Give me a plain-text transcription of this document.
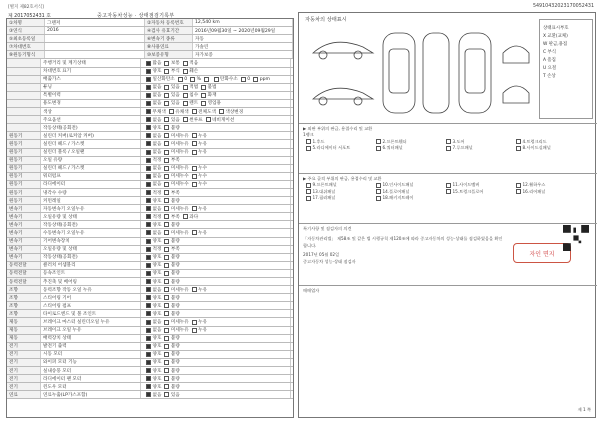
[별지 제82호서식]	54910432023170052431
제 2017052431 호	중고자동차성능 · 상태점검기록부
①차명	그랜저	②자동차 등록번호	12,540 km
③연식	2016	④검사 유효기간	2016년09월30일 ~ 2020년09월29일
⑤최초등록일	⑥변속기 종류	자동
⑦차대번호	⑧사용연료	가솔린
⑨원동기형식	⑩보증유형	자가보증
주행거리 및 계기상태	많음 보통 적음
차대번호 표기	양호 부식 훼손
배출가스	일산화탄소 0 %	탄화수소 0 ppm
튜닝	없음 있음 적법 불법
특별이력	없음 있음 침수 화재
용도변경	없음 있음 렌트 영업용
색상	무채색 유채색 전체도색 색상변경
주요옵션	없음 있음 썬루프 네비게이션
작동상태(공회전)	양호 불량
원동기	실린더 커버(로커암 커버)	없음 미세누유 누유
원동기	실린더 헤드 / 가스켓	없음 미세누유 누유
원동기	실린더 블록 / 오일팬	없음 미세누유 누유
원동기	오일 유량	적정 부족
원동기	실린더 헤드 / 가스켓	없음 미세누유 누수
원동기	워터펌프	없음 미세누수 누수
원동기	라디에이터	없음 미세누수 누수
원동기	냉각수 수량	적정 부족
원동기	커먼레일	양호 불량
변속기	자동변속기 오일누유	없음 미세누유 누유
변속기	오일유량 및 상태	적정 부족 과다
변속기	작동상태(공회전)	양호 불량
변속기	수동변속기 오일누유	없음 미세누유 누유
변속기	기어변속장치	양호 불량
변속기	오일유량 및 상태	적정 부족
변속기	작동상태(공회전)	양호 불량
동력전달	클러치 어셈블리	양호 불량
동력전달	등속조인트	양호 불량
동력전달	추진축 및 베어링	양호 불량
조향	동력조향 작동 오일 누유	없음 미세누유 누유
조향	스티어링 기어	양호 불량
조향	스티어링 펌프	양호 불량
조향	타이로드엔드 및 볼 조인트	양호 불량
제동	브레이크 마스터 실린더오일 누유	없음 미세누유 누유
제동	브레이크 오일 누유	없음 미세누유 누유
제동	배력장치 상태	양호 불량
전기	발전기 출력	양호 불량
전기	시동 모터	양호 불량
전기	와이퍼 모터 기능	양호 불량
전기	실내송풍 모터	양호 불량
전기	라디에이터 팬 모터	양호 불량
전기	윈도우 모터	양호 불량
연료	연료누출(LP가스포함)	없음 있음
자동차의 상태표시
상태표시부호
X 교환(교체)
W 판금,용접
C 부식
A 흠집
U 요철
T 손상
▶ 외판 부위의 판금, 용접수리 및 교환
1랭크
1.후드	2.프론트휀더	3.도어	4.트렁크리드
5.라디에이터 서포트	6.쿼터패널	7.루프패널	8.사이드실패널
▶ 주요 골격 부위의 판금, 용접수리 및 교환
9.프론트패널	10.인사이드패널	11.사이드멤버	12.휠하우스
13.대쉬패널	14.플로어패널	15.트렁크플로어	16.리어패널
17.필러패널	18.패키지트레이
특기사항 및 점검자의 의견
「자동차관리법」 제58조 및 같은 법 시행규칙 제120조에 따라 중고자동차의 성능·상태를 점검하였음을 확인합니다.
2017년 05월 02일
중고자동차 성능·상태 점검자
자인 면지
매매업자
제 1 쪽
